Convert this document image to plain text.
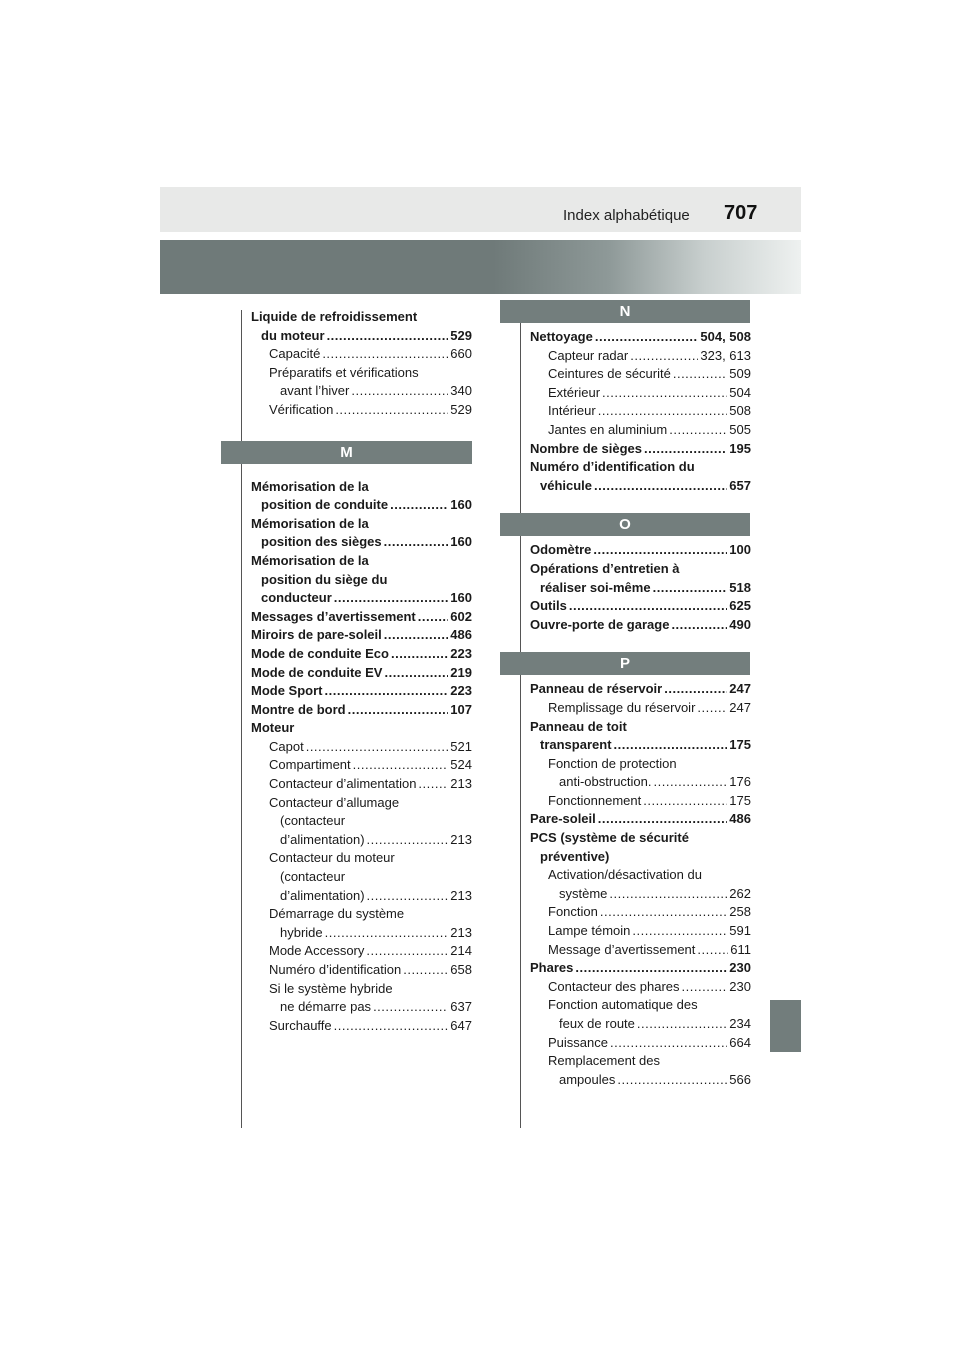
Index alphabétique 707
Liquide de refroidissement
du moteur .....	529
Capacité .....	660
Préparatifs et vérifications
avant l’hiver .....	340
Vérification .....	529
M
Mémorisation de la
position de conduite .....	160
Mémorisation de la
position des sièges .....	160
Mémorisation de la
position du siège du
conducteur .....	160
Messages d’avertissement .....	602
Miroirs de pare-soleil .....	486
Mode de conduite Eco .....	223
Mode de conduite EV .....	219
Mode Sport .....	223
Montre de bord .....	107
Moteur
Capot .....	521
Compartiment .....	524
Contacteur d’alimentation .....	213
Contacteur d’allumage
(contacteur
d’alimentation) .....	213
Contacteur du moteur
(contacteur
d’alimentation) .....	213
Démarrage du système
hybride .....	213
Mode Accessory .....	214
Numéro d’identification .....	658
Si le système hybride
ne démarre pas .....	637
Surchauffe .....	647
N
Nettoyage .....	504, 508
Capteur radar .....	323, 613
Ceintures de sécurité .....	509
Extérieur .....	504
Intérieur .....	508
Jantes en aluminium .....	505
Nombre de sièges .....	195
Numéro d’identification du
véhicule .....	657
O
Odomètre .....	100
Opérations d’entretien à
réaliser soi-même .....	518
Outils .....	625
Ouvre-porte de garage .....	490
P
Panneau de réservoir .....	247
Remplissage du réservoir .....	247
Panneau de toit
transparent .....	175
Fonction de protection
anti-obstruction. .....	176
Fonctionnement .....	175
Pare-soleil .....	486
PCS (système de sécurité
préventive)
Activation/désactivation du
système .....	262
Fonction .....	258
Lampe témoin .....	591
Message d’avertissement .....	611
Phares .....	230
Contacteur des phares .....	230
Fonction automatique des
feux de route .....	234
Puissance .....	664
Remplacement des
ampoules .....	566
